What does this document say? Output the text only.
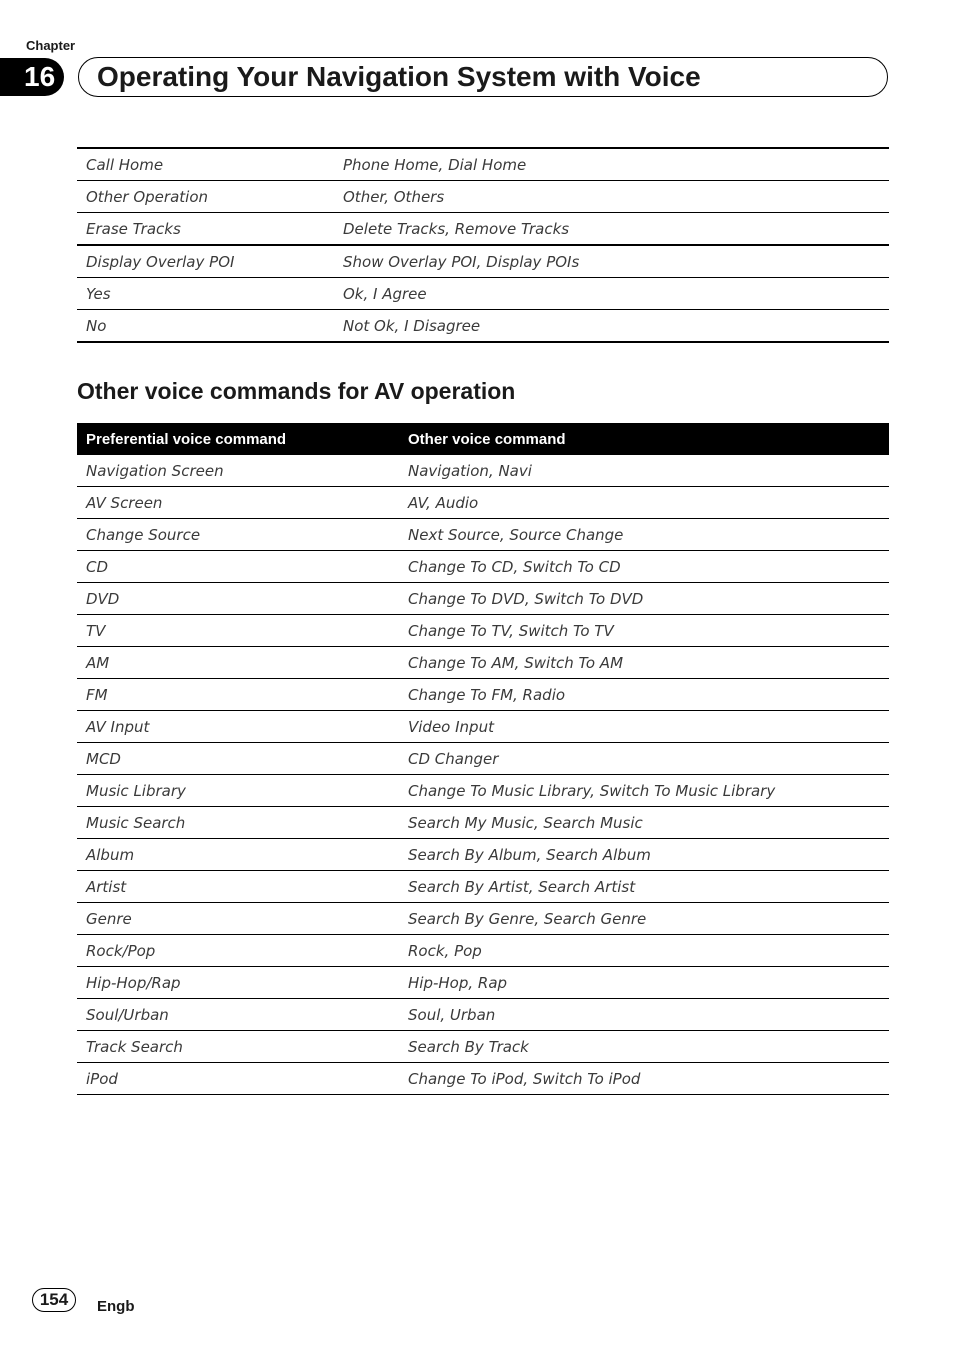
Chapter
16	Operating Your Navigation System with Voice
Call Home	Phone Home, Dial Home
Other Operation	Other, Others
Erase Tracks	Delete Tracks, Remove Tracks
Display Overlay POI	Show Overlay POI, Display POIs
Yes	Ok, I Agree
No	Not Ok, I Disagree
Other voice commands for AV operation
Preferential voice command	Other voice command
Navigation Screen	Navigation, Navi
AV Screen	AV, Audio
Change Source	Next Source, Source Change
CD	Change To CD, Switch To CD
DVD	Change To DVD, Switch To DVD
TV	Change To TV, Switch To TV
AM	Change To AM, Switch To AM
FM	Change To FM, Radio
AV Input	Video Input
MCD	CD Changer
Music Library	Change To Music Library, Switch To Music Library
Music Search	Search My Music, Search Music
Album	Search By Album, Search Album
Artist	Search By Artist, Search Artist
Genre	Search By Genre, Search Genre
Rock/Pop	Rock, Pop
Hip-Hop/Rap	Hip-Hop, Rap
Soul/Urban	Soul, Urban
Track Search	Search By Track
iPod	Change To iPod, Switch To iPod
154	Engb
